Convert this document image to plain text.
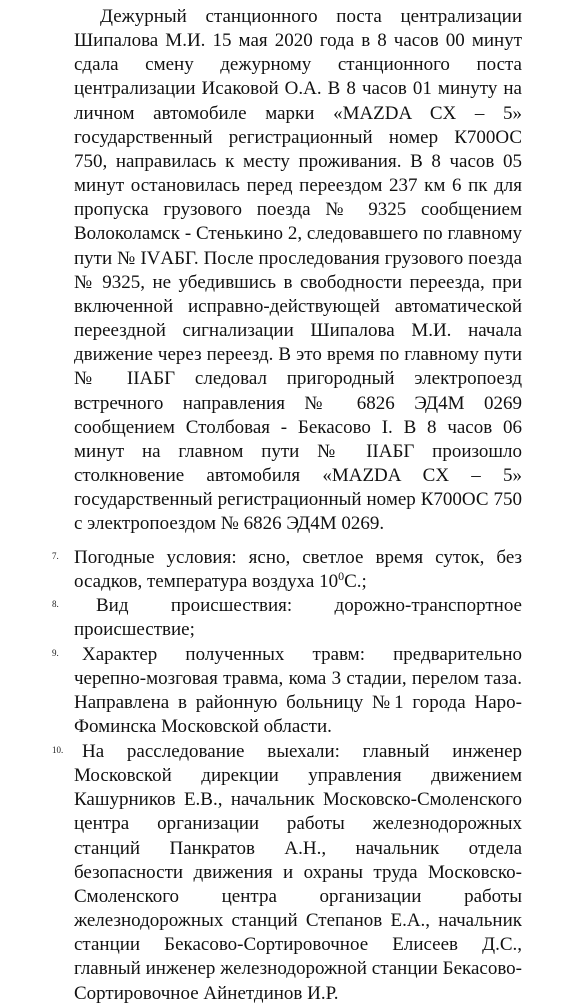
Дежурный станционного поста централизации Шипалова М.И. 15 мая 2020 года в 8 часов 00 минут сдала смену дежурному станционного поста централизации Исаковой О.А. В 8 часов 01 минуту на личном автомобиле марки «MAZDA CX – 5» государственный регистрационный номер К700ОС 750, направилась к месту проживания. В 8 часов 05 минут остановилась перед переездом 237 км 6 пк для пропуска грузового поезда № 9325 сообщением Волоколамск - Стенькино 2, следовавшего по главному пути № IVАБГ. После проследования грузового поезда № 9325, не убедившись в свободности переезда, при включенной исправно-действующей автоматической переездной сигнализации Шипалова М.И. начала движение через переезд. В это время по главному пути № IIАБГ следовал пригородный электропоезд встречного направления № 6826 ЭД4М 0269 сообщением Столбовая - Бекасово I. В 8 часов 06 минут на главном пути № IIАБГ произошло столкновение автомобиля «MAZDA CX – 5» государственный регистрационный номер К700ОС 750 с электропоездом № 6826 ЭД4М 0269.

7. Погодные условия: ясно, светлое время суток, без осадков, температура воздуха $10^0С$.;

8.	Вид происшествия: дорожно-транспортное происшествие;

9.	Характер полученных травм: предварительно черепно-мозговая травма, кома 3 стадии, перелом таза. Направлена в районную больницу №1 города Наро-Фоминска Московской области.

10. На расследование выехали: главный инженер Московской дирекции управления движением Кашурников Е.В., начальник Московско-Смоленского центра организации работы железнодорожных станций Панкратов А.Н., начальник отдела безопасности движения и охраны труда Московско-Смоленского центра организации работы железнодорожных станций Степанов Е.А., начальник станции Бекасово-Сортировочное Елисеев Д.С., главный инженер железнодорожной станции Бекасово-Сортировочное Айнетдинов И.Р.
